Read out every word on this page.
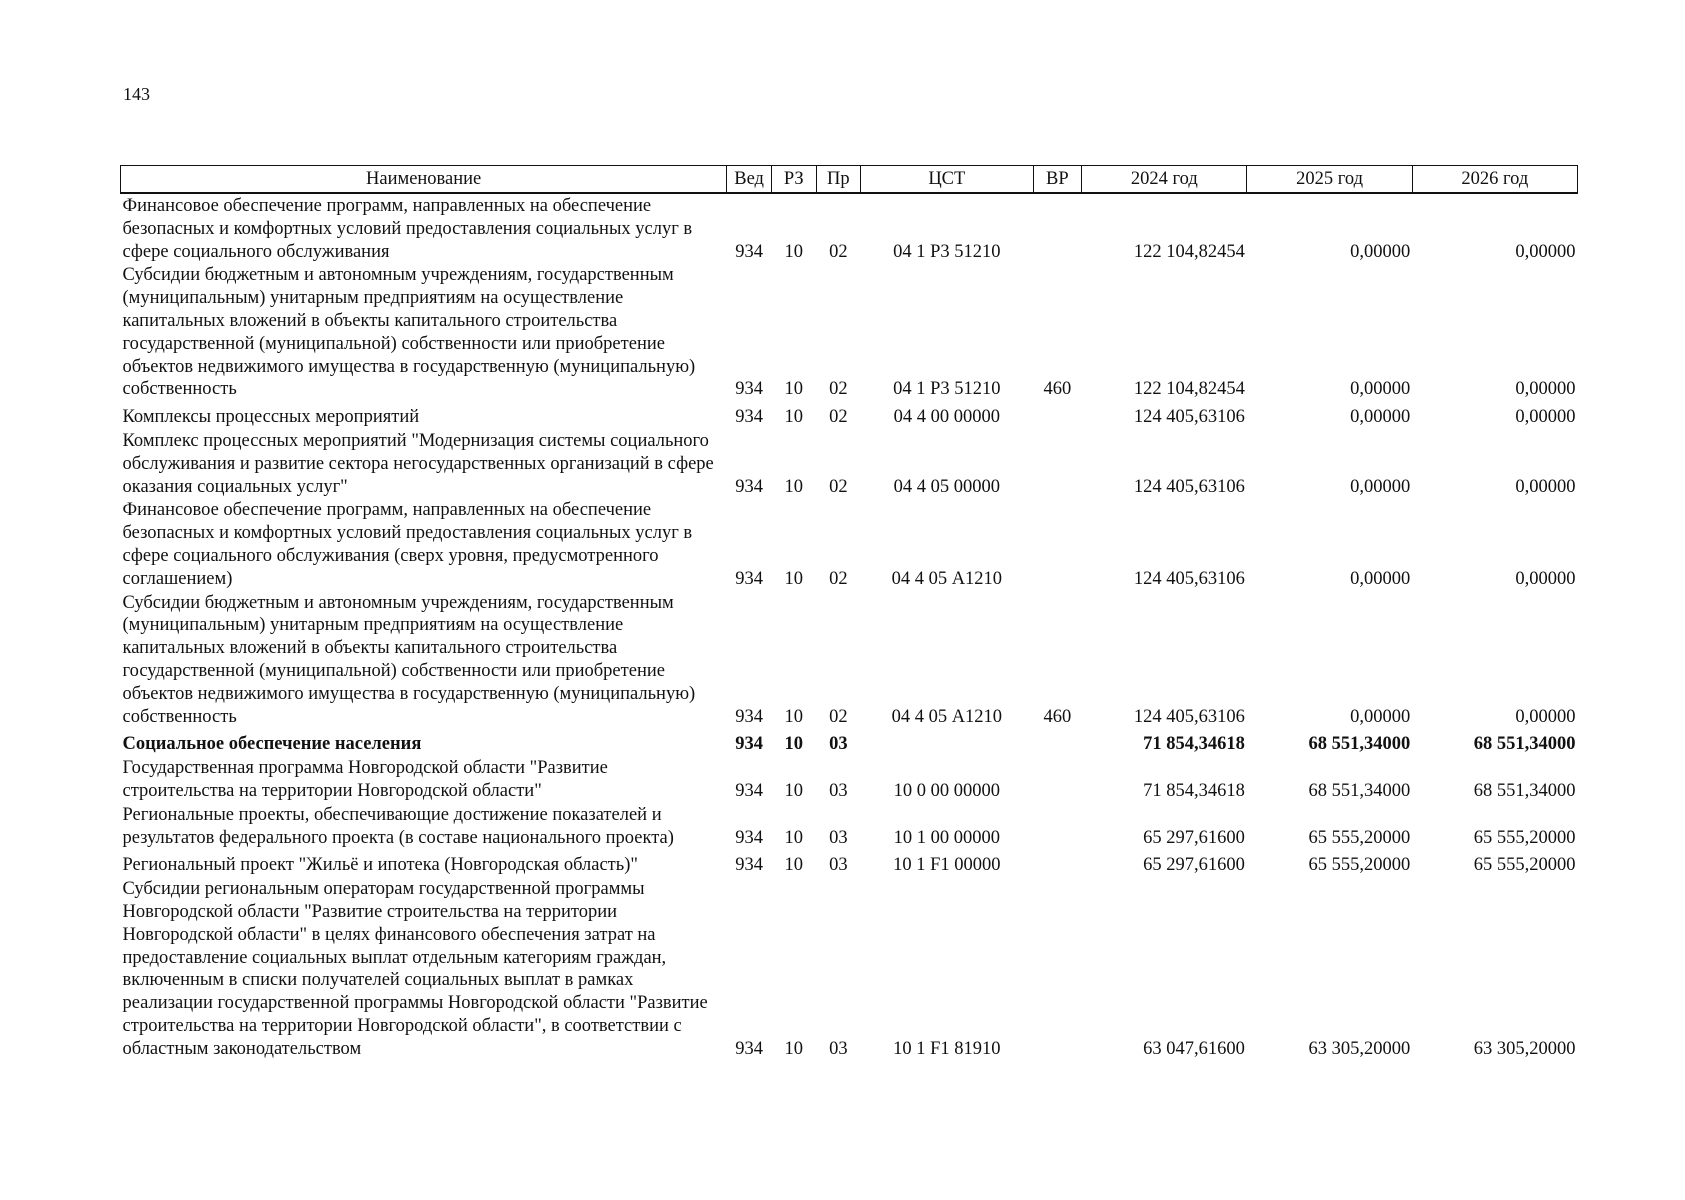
143
Наименование	Вед	РЗ	Пр	ЦСТ	ВР	2024 год	2025 год	2026 год
Финансовое обеспечение программ, направленных на обеспечение безопасных и комфортных условий предоставления социальных услуг в сфере социального обслуживания	934	10	02	04 1 Р3 51210		122 104,82454	0,00000	0,00000
Субсидии бюджетным и автономным учреждениям, государственным (муниципальным) унитарным предприятиям на осуществление капитальных вложений в объекты капитального строительства государственной (муниципальной) собственности или приобретение объектов недвижимого имущества в государственную (муниципальную) собственность	934	10	02	04 1 Р3 51210	460	122 104,82454	0,00000	0,00000
Комплексы процессных мероприятий	934	10	02	04 4 00 00000		124 405,63106	0,00000	0,00000
Комплекс процессных мероприятий "Модернизация системы социального обслуживания и развитие сектора негосударственных организаций в сфере оказания социальных услуг"	934	10	02	04 4 05 00000		124 405,63106	0,00000	0,00000
Финансовое обеспечение программ, направленных на обеспечение безопасных и комфортных условий предоставления социальных услуг в сфере социального обслуживания (сверх уровня, предусмотренного соглашением)	934	10	02	04 4 05 А1210		124 405,63106	0,00000	0,00000
Субсидии бюджетным и автономным учреждениям, государственным (муниципальным) унитарным предприятиям на осуществление капитальных вложений в объекты капитального строительства государственной (муниципальной) собственности или приобретение объектов недвижимого имущества в государственную (муниципальную) собственность	934	10	02	04 4 05 А1210	460	124 405,63106	0,00000	0,00000
Социальное обеспечение населения	934	10	03			71 854,34618	68 551,34000	68 551,34000
Государственная программа Новгородской области "Развитие строительства на территории Новгородской области"	934	10	03	10 0 00 00000		71 854,34618	68 551,34000	68 551,34000
Региональные проекты, обеспечивающие достижение показателей и результатов федерального проекта (в составе национального проекта)	934	10	03	10 1 00 00000		65 297,61600	65 555,20000	65 555,20000
Региональный проект "Жильё и ипотека (Новгородская область)"	934	10	03	10 1 F1 00000		65 297,61600	65 555,20000	65 555,20000
Субсидии региональным операторам государственной программы Новгородской области "Развитие строительства на территории Новгородской области" в целях финансового обеспечения затрат на предоставление социальных выплат отдельным категориям граждан, включенным в списки получателей социальных выплат в рамках реализации государственной программы Новгородской области "Развитие строительства на территории Новгородской области", в соответствии с областным законодательством	934	10	03	10 1 F1 81910		63 047,61600	63 305,20000	63 305,20000
